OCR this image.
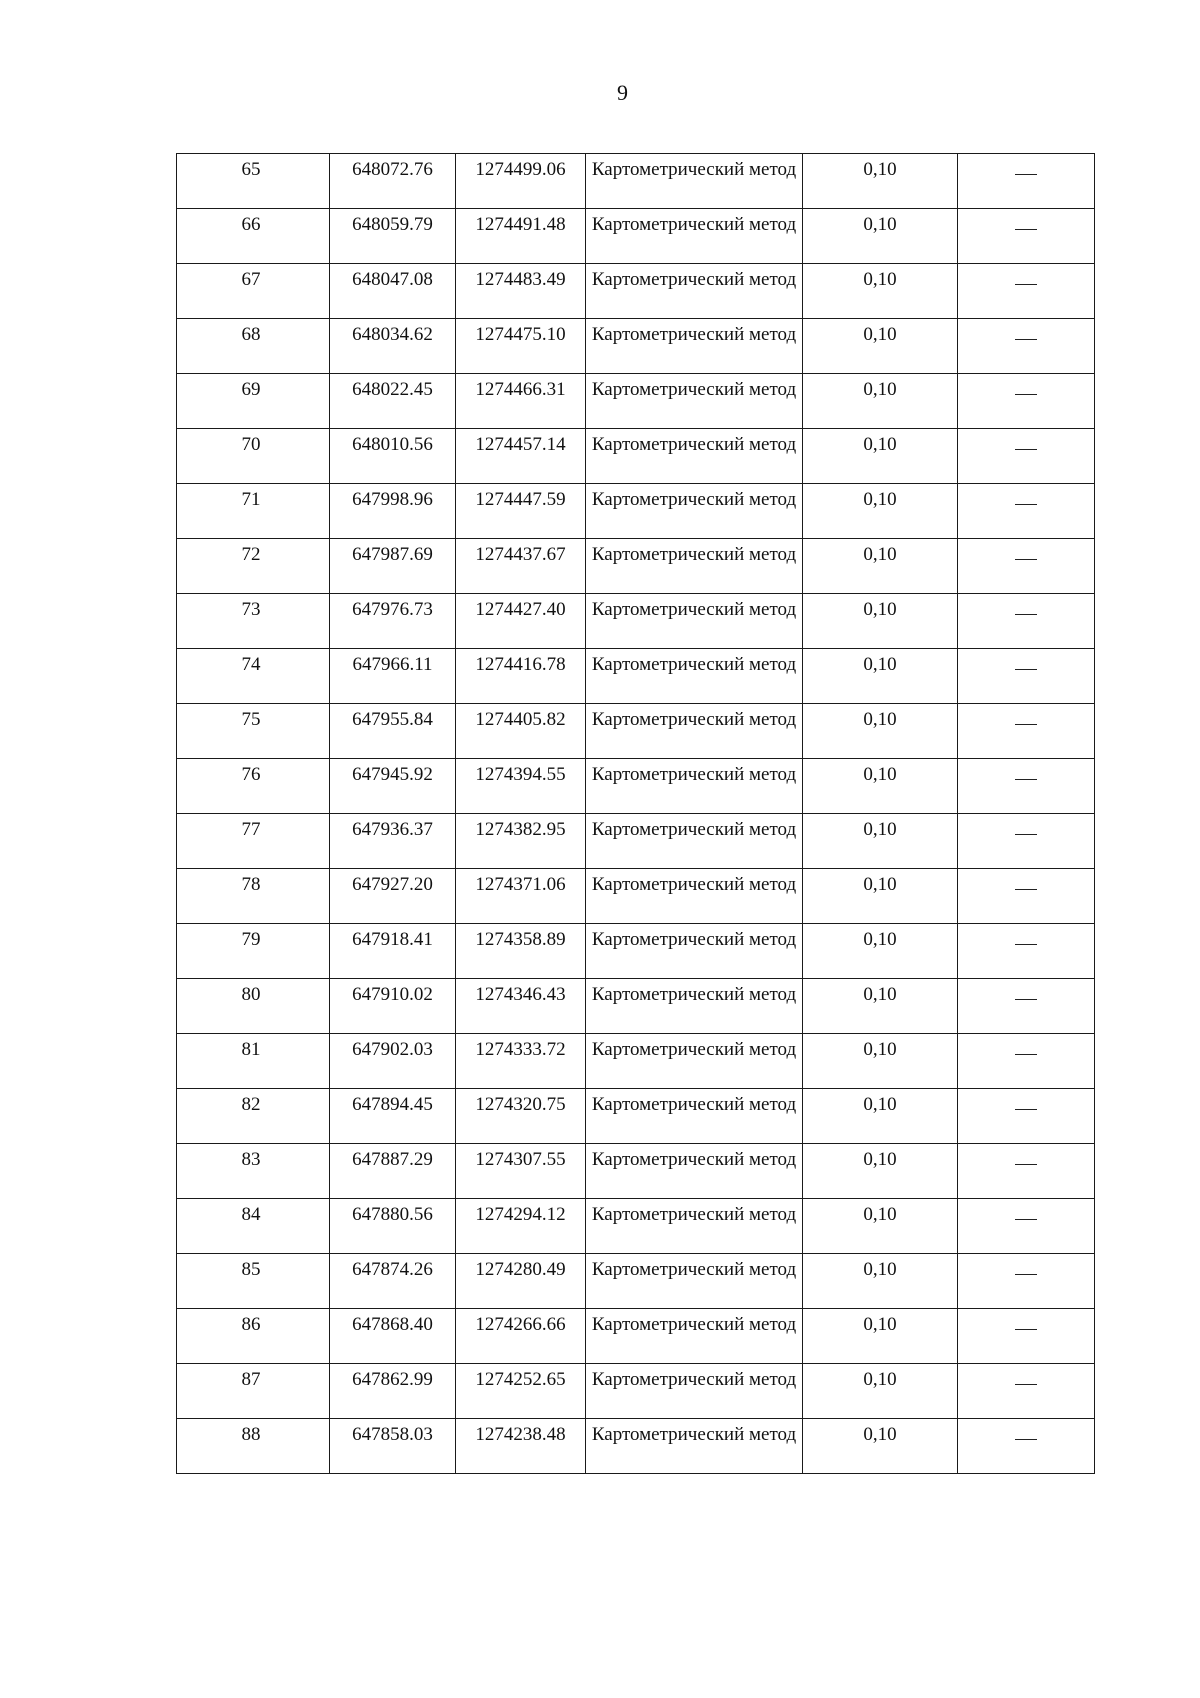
9
65	648072.76	1274499.06	Картометрический метод	0,10	
66	648059.79	1274491.48	Картометрический метод	0,10	
67	648047.08	1274483.49	Картометрический метод	0,10	
68	648034.62	1274475.10	Картометрический метод	0,10	
69	648022.45	1274466.31	Картометрический метод	0,10	
70	648010.56	1274457.14	Картометрический метод	0,10	
71	647998.96	1274447.59	Картометрический метод	0,10	
72	647987.69	1274437.67	Картометрический метод	0,10	
73	647976.73	1274427.40	Картометрический метод	0,10	
74	647966.11	1274416.78	Картометрический метод	0,10	
75	647955.84	1274405.82	Картометрический метод	0,10	
76	647945.92	1274394.55	Картометрический метод	0,10	
77	647936.37	1274382.95	Картометрический метод	0,10	
78	647927.20	1274371.06	Картометрический метод	0,10	
79	647918.41	1274358.89	Картометрический метод	0,10	
80	647910.02	1274346.43	Картометрический метод	0,10	
81	647902.03	1274333.72	Картометрический метод	0,10	
82	647894.45	1274320.75	Картометрический метод	0,10	
83	647887.29	1274307.55	Картометрический метод	0,10	
84	647880.56	1274294.12	Картометрический метод	0,10	
85	647874.26	1274280.49	Картометрический метод	0,10	
86	647868.40	1274266.66	Картометрический метод	0,10	
87	647862.99	1274252.65	Картометрический метод	0,10	
88	647858.03	1274238.48	Картометрический метод	0,10	
